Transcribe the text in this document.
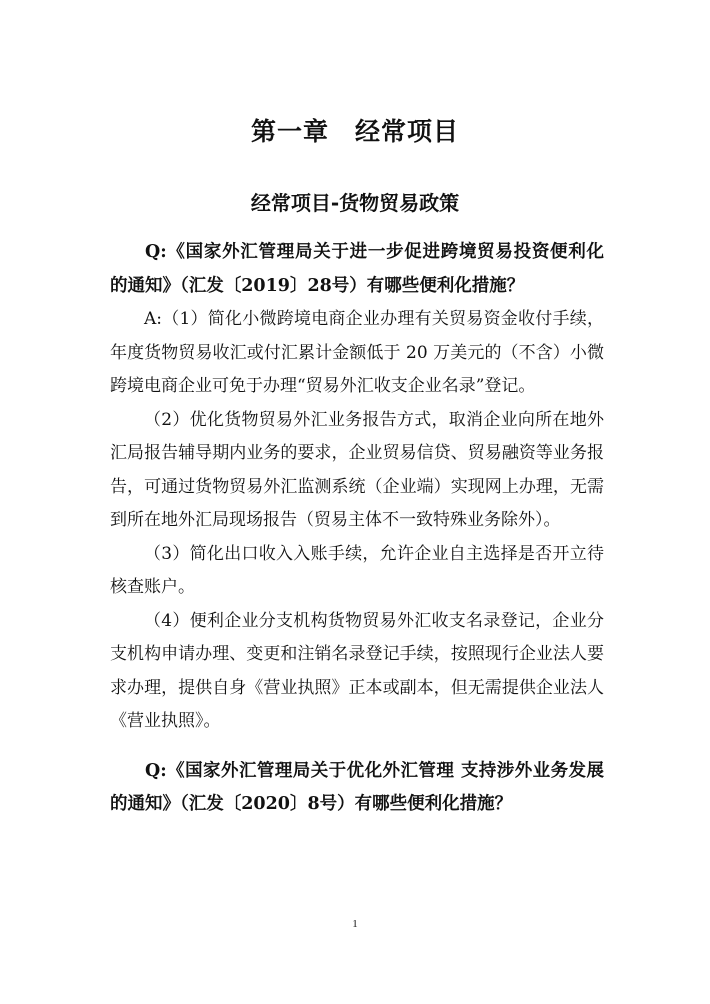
第一章　经常项目
经常项目-货物贸易政策

Q:《国家外汇管理局关于进一步促进跨境贸易投资便利化的通知》（汇发〔2019〕28号）有哪些便利化措施？

A:（1）简化小微跨境电商企业办理有关贸易资金收付手续，年度货物贸易收汇或付汇累计金额低于 20 万美元的（不含）小微跨境电商企业可免于办理“贸易外汇收支企业名录”登记。

（2）优化货物贸易外汇业务报告方式，取消企业向所在地外汇局报告辅导期内业务的要求，企业贸易信贷、贸易融资等业务报告，可通过货物贸易外汇监测系统（企业端）实现网上办理，无需到所在地外汇局现场报告（贸易主体不一致特殊业务除外）。

（3）简化出口收入入账手续，允许企业自主选择是否开立待核查账户。

（4）便利企业分支机构货物贸易外汇收支名录登记，企业分支机构申请办理、变更和注销名录登记手续，按照现行企业法人要求办理，提供自身《营业执照》正本或副本，但无需提供企业法人《营业执照》。

Q:《国家外汇管理局关于优化外汇管理 支持涉外业务发展的通知》（汇发〔2020〕8号）有哪些便利化措施？

1
